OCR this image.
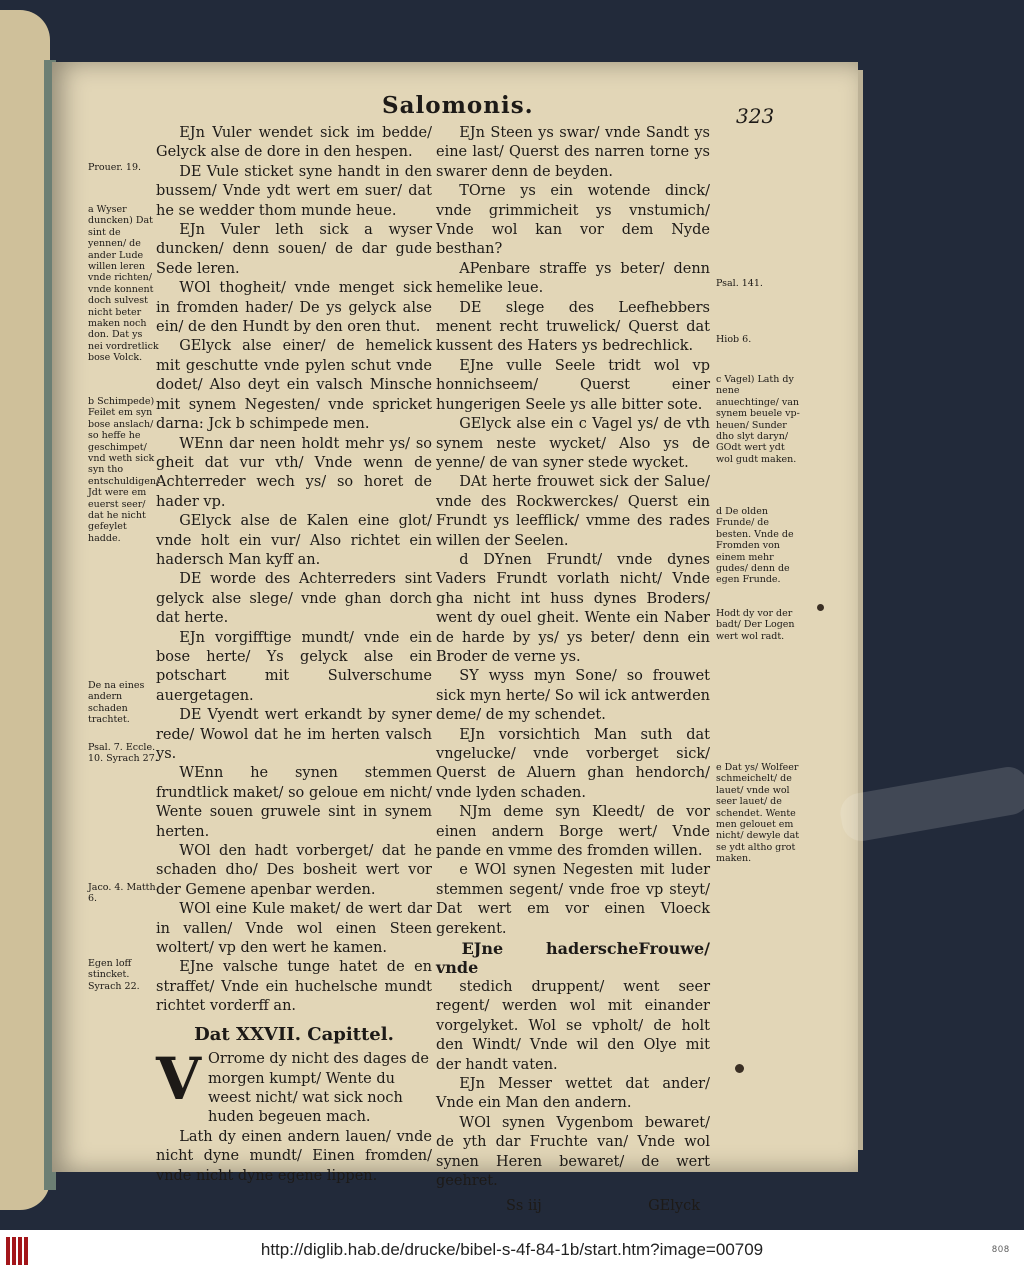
Salomonis.	323
Prouer. 19.
a Wyser duncken) Dat sint de yennen/ de ander Lude willen leren vnde richten/ vnde konnent doch sulvest nicht beter maken noch don. Dat ys nei vordretlick bose Volck.
b Schimpede) Feilet em syn bose anslach/ so heffe he geschimpet/ vnd weth sick syn tho entschuldigen/ Jdt were em euerst seer/ dat he nicht gefeylet hadde.
De na eines andern schaden trachtet.
Psal. 7. Eccle. 10. Syrach 27.
Jaco. 4. Matth. 6.
Egen loff stincket. Syrach 22.
Psal. 141.
Hiob 6.
c Vagel) Lath dy nene anuechtinge/ van synem beuele vp-heuen/ Sunder dho slyt daryn/ GOdt wert ydt wol gudt maken.
d De olden Frunde/ de besten. Vnde de Fromden von einem mehr gudes/ denn de egen Frunde.
Hodt dy vor der badt/ Der Logen wert wol radt.
e Dat ys/ Wolfeer schmeichelt/ de lauet/ vnde wol seer lauet/ de schendet. Wente men gelouet em nicht/ dewyle dat se ydt altho grot maken.

EJn Vuler wendet sick im bedde/ Gelyck alse de dore in den hespen.

DE Vule sticket syne handt in den bussem/ Vnde ydt wert em suer/ dat he se wedder thom munde heue.

EJn Vuler leth sick a wyser duncken/ denn souen/ de dar gude Sede leren.

WOl thogheit/ vnde menget sick in fromden hader/ De ys gelyck alse ein/ de den Hundt by den oren thut.

GElyck alse einer/ de hemelick mit geschutte vnde pylen schut vnde dodet/ Also deyt ein valsch Minsche mit synem Negesten/ vnde spricket darna: Jck b schimpede men.

WEnn dar neen holdt mehr ys/ so gheit dat vur vth/ Vnde wenn de Achterreder wech ys/ so horet de hader vp.

GElyck alse de Kalen eine glot/ vnde holt ein vur/ Also richtet ein hadersch Man kyff an.

DE worde des Achterreders sint gelyck alse slege/ vnde ghan dorch dat herte.

EJn vorgifftige mundt/ vnde ein bose herte/ Ys gelyck alse ein potschart mit Sulverschume auergetagen.

DE Vyendt wert erkandt by syner rede/ Wowol dat he im herten valsch ys.

WEnn he synen stemmen frundtlick maket/ so geloue em nicht/ Wente souen gruwele sint in synem herten.

WOl den hadt vorberget/ dat he schaden dho/ Des bosheit wert vor der Gemene apenbar werden.

WOl eine Kule maket/ de wert dar in vallen/ Vnde wol einen Steen woltert/ vp den wert he kamen.

EJne valsche tunge hatet de en straffet/ Vnde ein huchelsche mundt richtet vorderff an.

Dat XXVII. Capittel.
V Orrome dy nicht des dages de morgen kumpt/ Wente du weest nicht/ wat sick noch huden begeuen mach.

Lath dy einen andern lauen/ vnde nicht dyne mundt/ Einen fromden/ vnde nicht dyne egene lippen.

EJn Steen ys swar/ vnde Sandt ys eine last/ Querst des narren torne ys swarer denn de beyden.

TOrne ys ein wotende dinck/ vnde grimmicheit ys vnstumich/ Vnde wol kan vor dem Nyde besthan?

APenbare straffe ys beter/ denn hemelike leue.

DE slege des Leefhebbers menent recht truwelick/ Querst dat kussent des Haters ys bedrechlick.

EJne vulle Seele tridt wol vp honnichseem/ Querst einer hungerigen Seele ys alle bitter sote.

GElyck alse ein c Vagel ys/ de vth synem neste wycket/ Also ys de yenne/ de van syner stede wycket.

DAt herte frouwet sick der Salue/ vnde des Rockwerckes/ Querst ein Frundt ys leefflick/ vmme des rades willen der Seelen.

d DYnen Frundt/ vnde dynes Vaders Frundt vorlath nicht/ Vnde gha nicht int huss dynes Broders/ went dy ouel gheit. Wente ein Naber de harde by ys/ ys beter/ denn ein Broder de verne ys.

SY wyss myn Sone/ so frouwet sick myn herte/ So wil ick antwerden deme/ de my schendet.

EJn vorsichtich Man suth dat vngelucke/ vnde vorberget sick/ Querst de Aluern ghan hendorch/ vnde lyden schaden.

NJm deme syn Kleedt/ de vor einen andern Borge wert/ Vnde pande en vmme des fromden willen.

e WOl synen Negesten mit luder stemmen segent/ vnde froe vp steyt/ Dat wert em vor einen Vloeck gerekent.

EJne haderscheFrouwe/ vnde

stedich druppent/ went seer regent/ werden wol mit einander vorgelyket. Wol se vpholt/ de holt den Windt/ Vnde wil den Olye mit der handt vaten.

EJn Messer wettet dat ander/ Vnde ein Man den andern.

WOl synen Vygenbom bewaret/ de yth dar Fruchte van/ Vnde wol synen Heren bewaret/ de wert geehret.

Ss iij	GElyck
http://diglib.hab.de/drucke/bibel-s-4f-84-1b/start.htm?image=00709	808
